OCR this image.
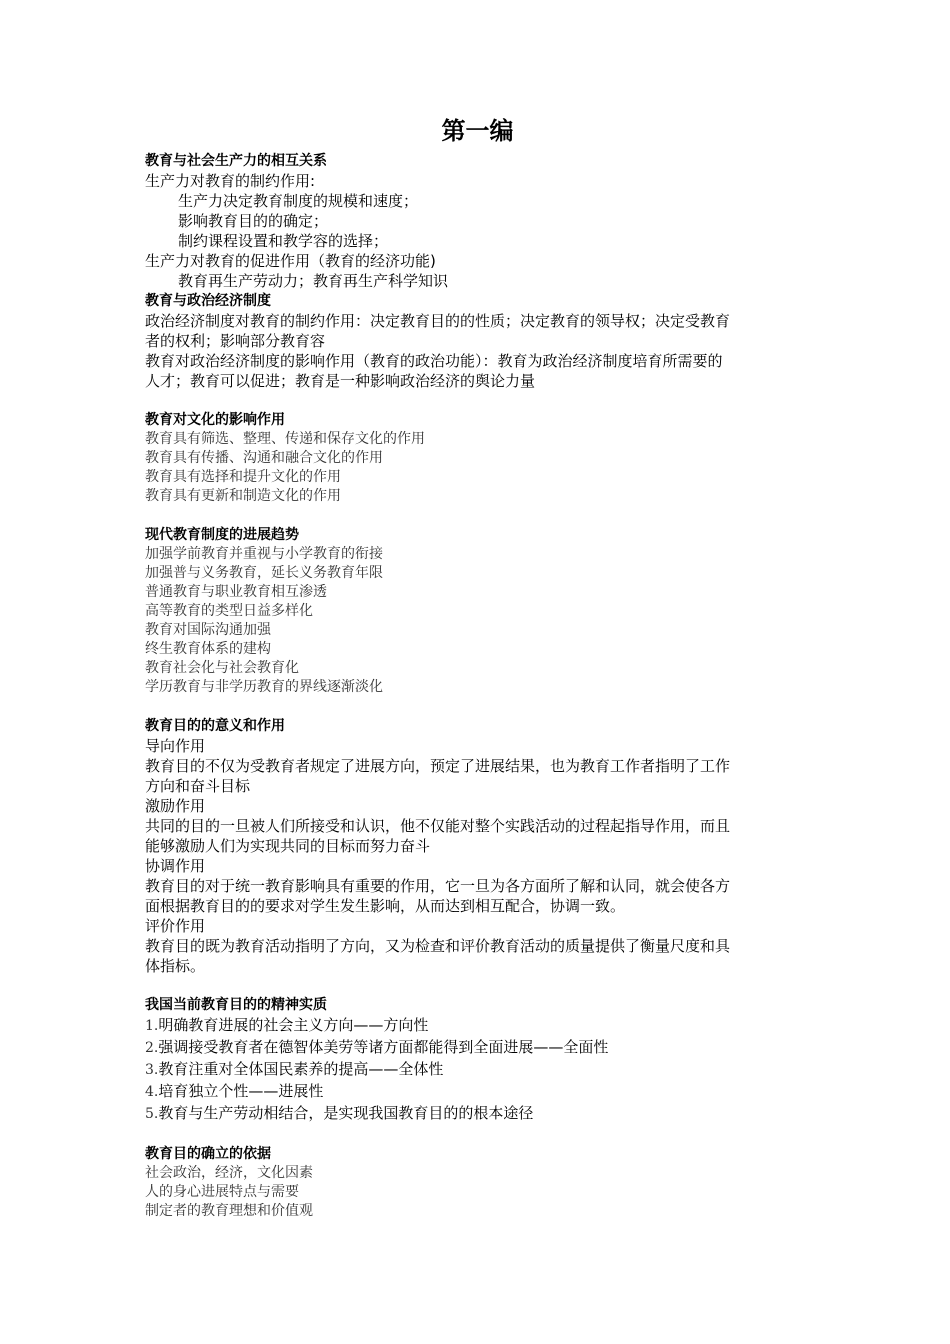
第一编

教育与社会生产力的相互关系

生产力对教育的制约作用:

生产力决定教育制度的规模和速度；

影响教育目的的确定；

制约课程设置和教学容的选择；

生产力对教育的促进作用（教育的经济功能)

教育再生产劳动力；教育再生产科学知识

教育与政治经济制度

政治经济制度对教育的制约作用：决定教育目的的性质；决定教育的领导权；决定受教育

者的权利；影响部分教育容

教育对政治经济制度的影响作用（教育的政治功能）：教育为政治经济制度培育所需要的

人才；教育可以促进；教育是一种影响政治经济的舆论力量

教育对文化的影响作用

教育具有筛选、整理、传递和保存文化的作用

教育具有传播、沟通和融合文化的作用

教育具有选择和提升文化的作用

教育具有更新和制造文化的作用

现代教育制度的进展趋势

加强学前教育并重视与小学教育的衔接

加强普与义务教育，延长义务教育年限

普通教育与职业教育相互渗透

高等教育的类型日益多样化

教育对国际沟通加强

终生教育体系的建构

教育社会化与社会教育化

学历教育与非学历教育的界线逐渐淡化

教育目的的意义和作用

导向作用

教育目的不仅为受教育者规定了进展方向，预定了进展结果，也为教育工作者指明了工作

方向和奋斗目标

激励作用

共同的目的一旦被人们所接受和认识，他不仅能对整个实践活动的过程起指导作用，而且

能够激励人们为实现共同的目标而努力奋斗

协调作用

教育目的对于统一教育影响具有重要的作用，它一旦为各方面所了解和认同，就会使各方

面根据教育目的的要求对学生发生影响，从而达到相互配合，协调一致。

评价作用

教育目的既为教育活动指明了方向，又为检查和评价教育活动的质量提供了衡量尺度和具

体指标。

我国当前教育目的的精神实质

1.明确教育进展的社会主义方向——方向性

2.强调接受教育者在德智体美劳等诸方面都能得到全面进展——全面性

3.教育注重对全体国民素养的提高——全体性

4.培育独立个性——进展性

5.教育与生产劳动相结合，是实现我国教育目的的根本途径

教育目的确立的依据

社会政治，经济，文化因素

人的身心进展特点与需要

制定者的教育理想和价值观
